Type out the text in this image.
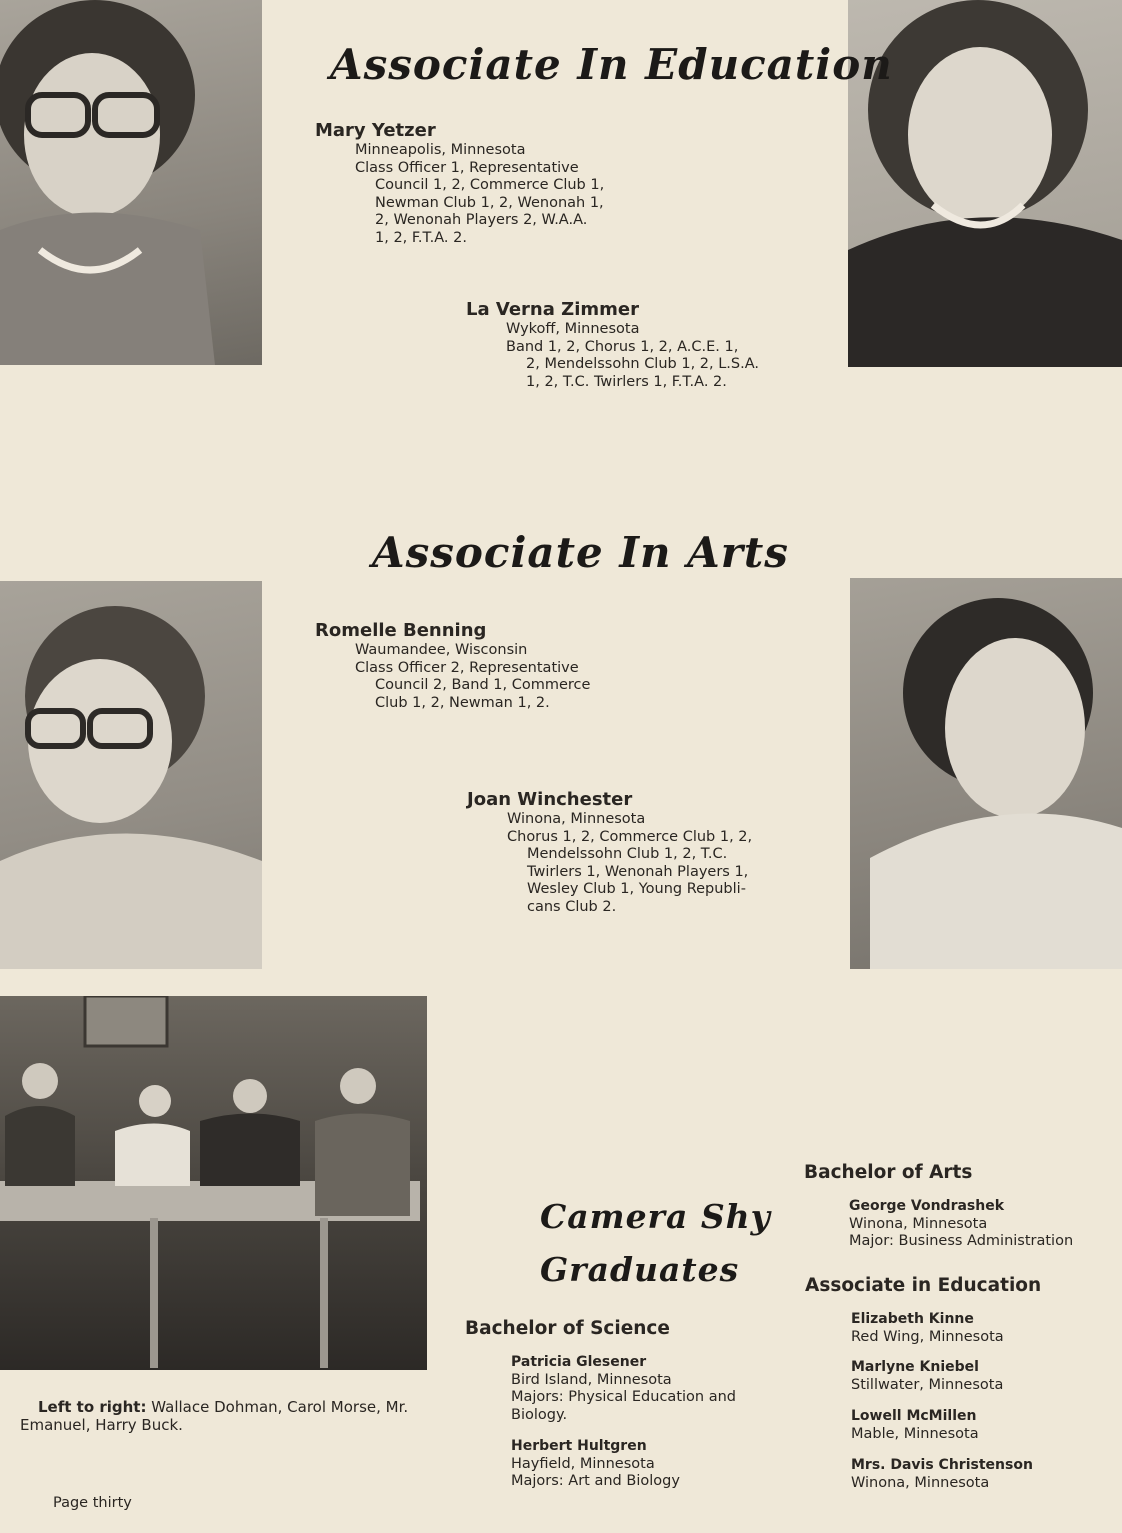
Associate In Education
Associate In Arts
Camera Shy
Graduates
Mary Yetzer
Minneapolis, Minnesota

Class Officer 1, Representative

Council 1, 2, Commerce Club 1,
Newman Club 1, 2, Wenonah 1,
2, Wenonah Players 2, W.A.A.
1, 2, F.T.A. 2.
La Verna Zimmer
Wykoff, Minnesota

Band 1, 2, Chorus 1, 2, A.C.E. 1,

2, Mendelssohn Club 1, 2, L.S.A.
1, 2, T.C. Twirlers 1, F.T.A. 2.
Romelle Benning
Waumandee, Wisconsin

Class Officer 2, Representative

Council 2, Band 1, Commerce
Club 1, 2, Newman 1, 2.
Joan Winchester
Winona, Minnesota

Chorus 1, 2, Commerce Club 1, 2,

Mendelssohn Club 1, 2, T.C.
Twirlers 1, Wenonah Players 1,
Wesley Club 1, Young Republi-
cans Club 2.
Left to right: Wallace Dohman, Carol Morse, Mr. Emanuel, Harry Buck.
Bachelor of Science
Patricia Glesener
Bird Island, Minnesota
Majors: Physical Education and
Biology.
Herbert Hultgren
Hayfield, Minnesota
Majors: Art and Biology
Bachelor of Arts
George Vondrashek
Winona, Minnesota
Major: Business Administration
Associate in Education
Elizabeth Kinne
Red Wing, Minnesota
Marlyne Kniebel
Stillwater, Minnesota
Lowell McMillen
Mable, Minnesota
Mrs. Davis Christenson
Winona, Minnesota
Page thirty
